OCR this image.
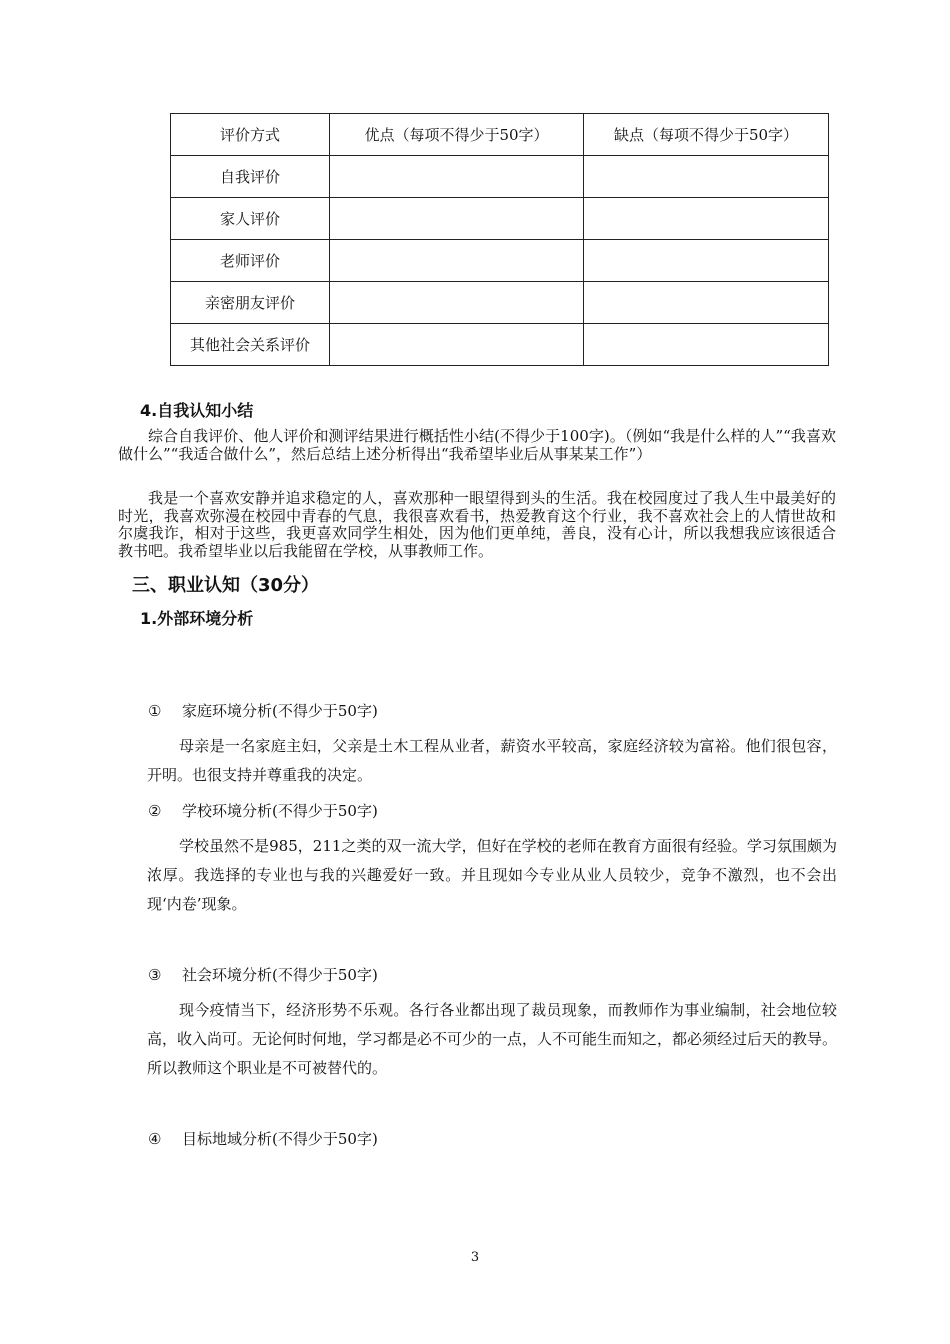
评价方式	优点（每项不得少于50字）	缺点（每项不得少于50字）
自我评价		
家人评价		
老师评价		
亲密朋友评价		
其他社会关系评价		
4.自我认知小结

综合自我评价、他人评价和测评结果进行概括性小结(不得少于100字)。（例如“我是什么样的人”“我喜欢做什么”“我适合做什么”，然后总结上述分析得出“我希望毕业后从事某某工作”）

我是一个喜欢安静并追求稳定的人，喜欢那种一眼望得到头的生活。我在校园度过了我人生中最美好的时光，我喜欢弥漫在校园中青春的气息，我很喜欢看书，热爱教育这个行业，我不喜欢社会上的人情世故和尔虞我诈，相对于这些，我更喜欢同学生相处，因为他们更单纯，善良，没有心计，所以我想我应该很适合教书吧。我希望毕业以后我能留在学校，从事教师工作。

三、职业认知（30分）
1.外部环境分析
① 家庭环境分析(不得少于50字)

母亲是一名家庭主妇，父亲是土木工程从业者，薪资水平较高，家庭经济较为富裕。他们很包容，开明。也很支持并尊重我的决定。

② 学校环境分析(不得少于50字)

学校虽然不是985，211之类的双一流大学，但好在学校的老师在教育方面很有经验。学习氛围颇为浓厚。我选择的专业也与我的兴趣爱好一致。并且现如今专业从业人员较少，竞争不激烈，也不会出现‘内卷’现象。

③ 社会环境分析(不得少于50字)

现今疫情当下，经济形势不乐观。各行各业都出现了裁员现象，而教师作为事业编制，社会地位较高，收入尚可。无论何时何地，学习都是必不可少的一点，人不可能生而知之，都必须经过后天的教导。所以教师这个职业是不可被替代的。

④ 目标地域分析(不得少于50字)
3
